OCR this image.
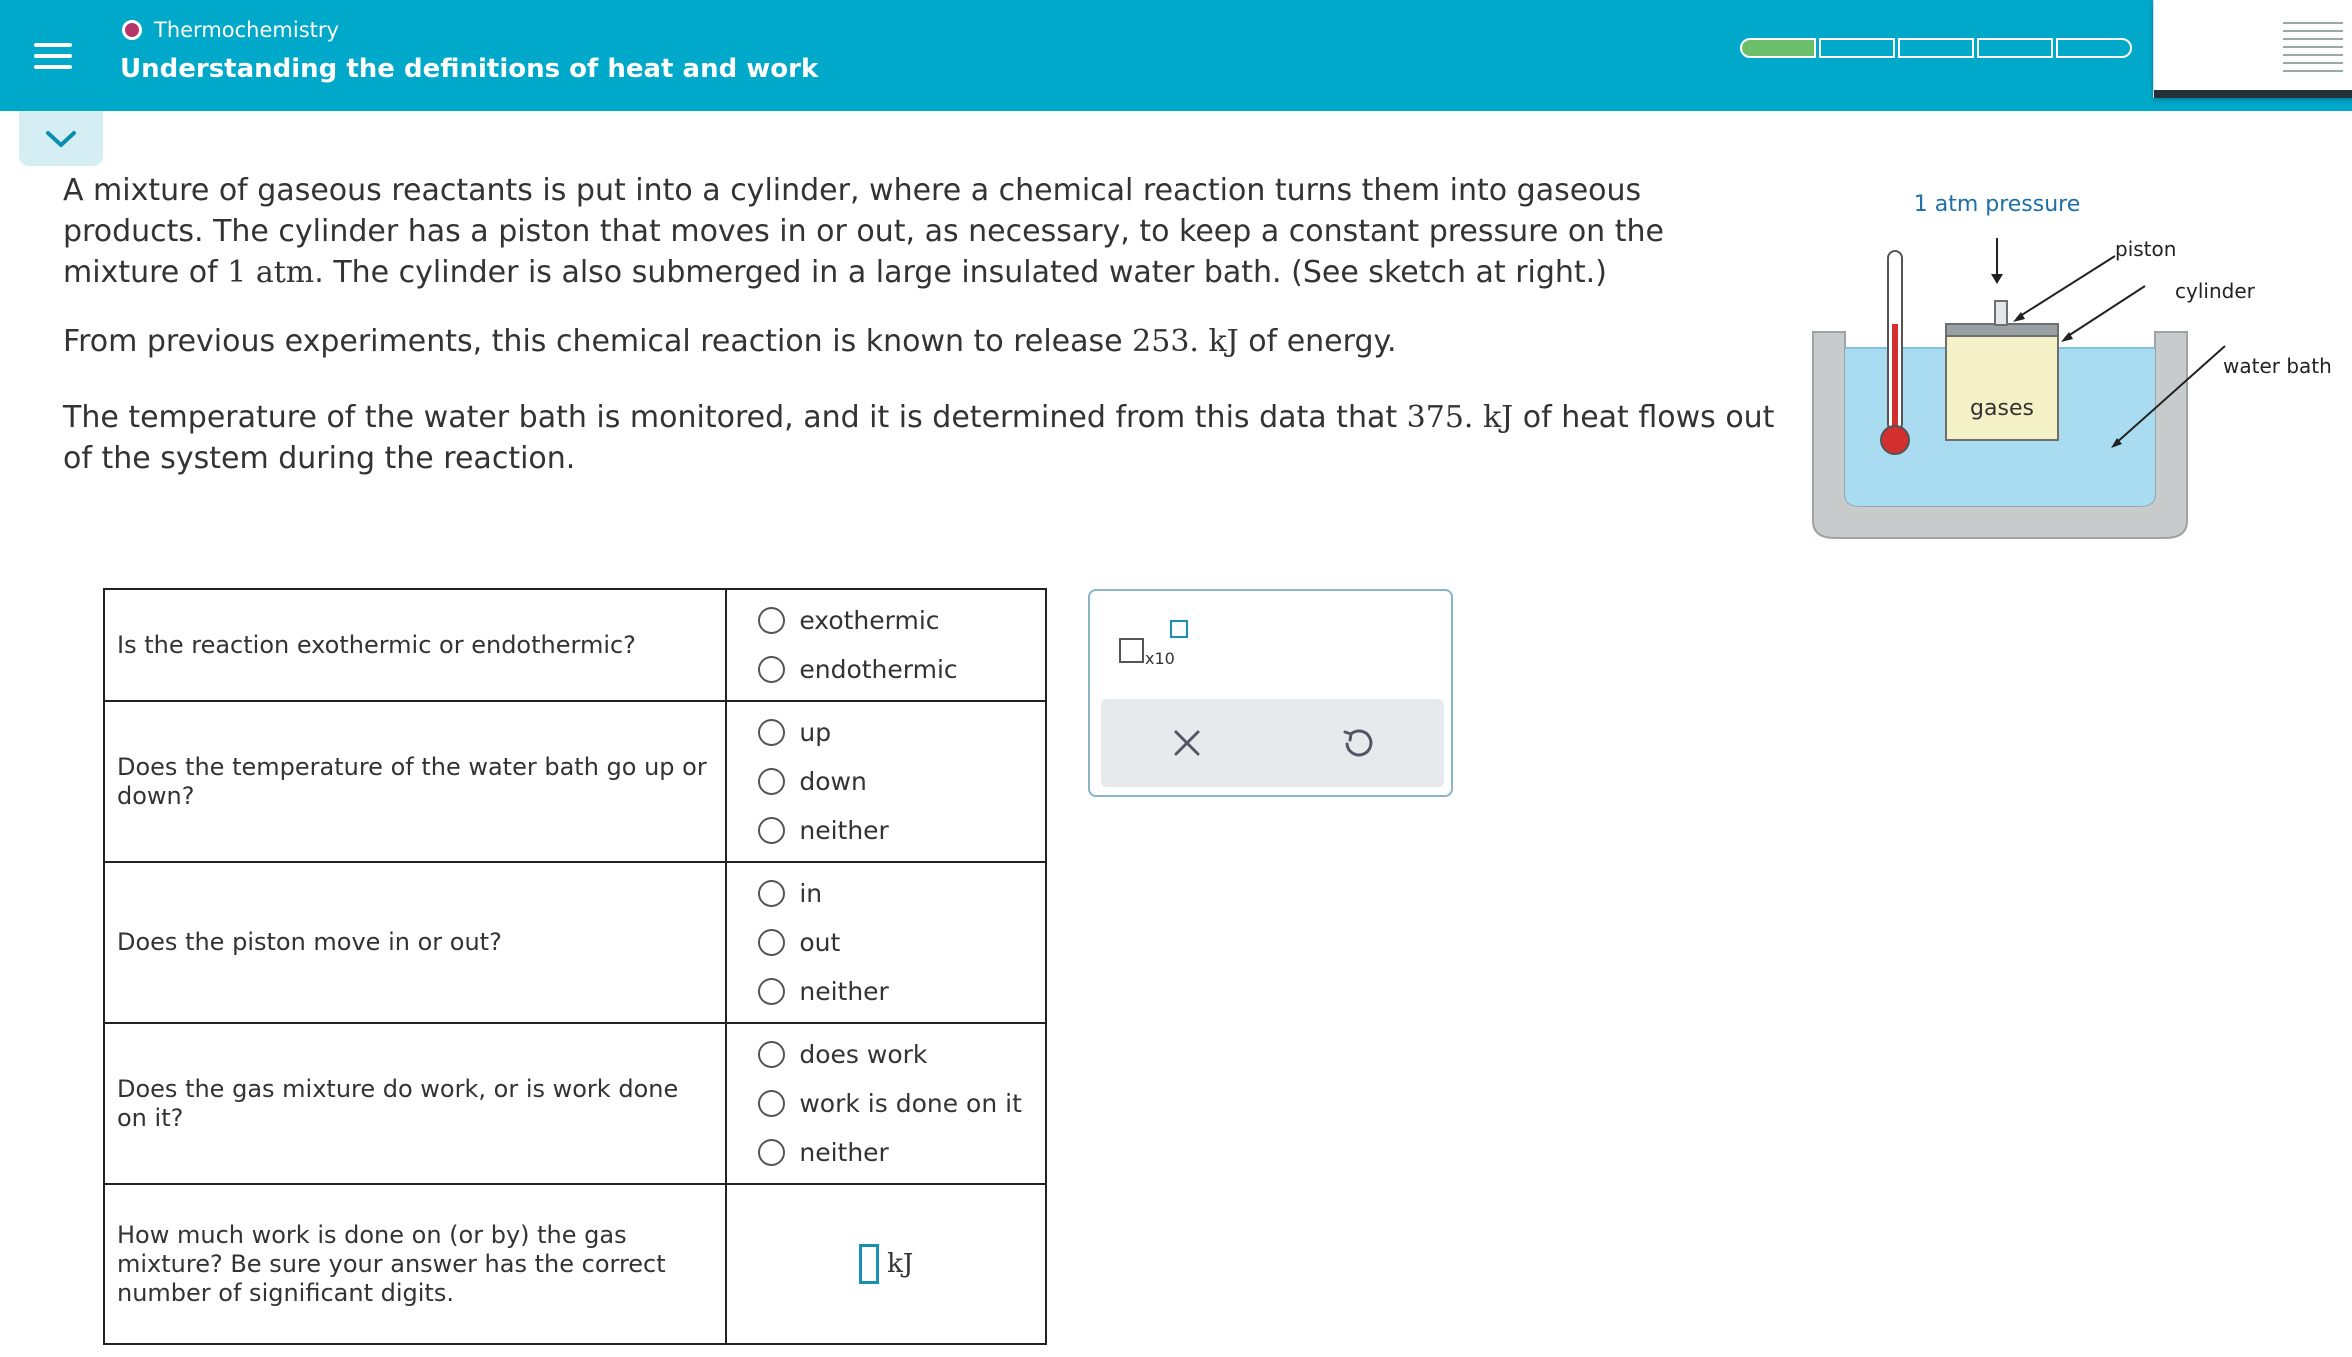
Thermochemistry
Understanding the definitions of heat and work

A mixture of gaseous reactants is put into a cylinder, where a chemical reaction turns them into gaseous products. The cylinder has a piston that moves in or out, as necessary, to keep a constant pressure on the mixture of 1 atm. The cylinder is also submerged in a large insulated water bath. (See sketch at right.)

From previous experiments, this chemical reaction is known to release 253. kJ of energy.

The temperature of the water bath is monitored, and it is determined from this data that 375. kJ of heat flows out of the system during the reaction.

Is the reaction exothermic or endothermic?	exothermic
endothermic

Does the temperature of the water bath go up or down?	up
down
neither

Does the piston move in or out?	in
out
neither

Does the gas mixture do work, or is work done on it?	does work
work is done on it
neither

How much work is done on (or by) the gas mixture? Be sure your answer has the correct number of significant digits.	kJ
x10
1 atm pressure
piston
cylinder
water bath
gases
